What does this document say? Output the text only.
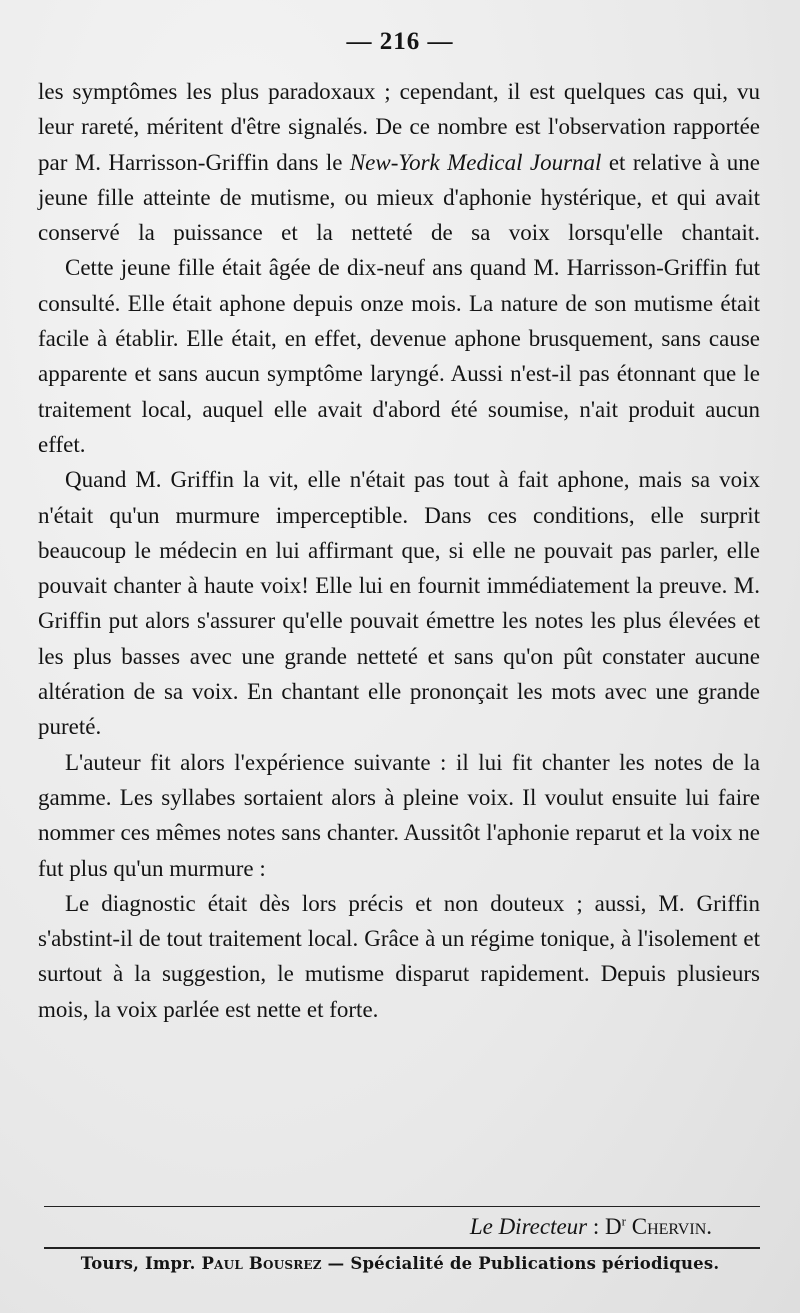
— 216 —

les symptômes les plus paradoxaux ; cependant, il est quelques cas qui, vu leur rareté, méritent d'être signalés. De ce nombre est l'observation rapportée par M. Harrisson-Griffin dans le New-York Medical Journal et relative à une jeune fille atteinte de mutisme, ou mieux d'aphonie hystérique, et qui avait conservé la puissance et la netteté de sa voix lorsqu'elle chantait.

Cette jeune fille était âgée de dix-neuf ans quand M. Harrisson-Griffin fut consulté. Elle était aphone depuis onze mois. La nature de son mutisme était facile à établir. Elle était, en effet, devenue aphone brusquement, sans cause apparente et sans aucun symptôme laryngé. Aussi n'est-il pas étonnant que le traitement local, auquel elle avait d'abord été soumise, n'ait produit aucun effet.

Quand M. Griffin la vit, elle n'était pas tout à fait aphone, mais sa voix n'était qu'un murmure imperceptible. Dans ces conditions, elle surprit beaucoup le médecin en lui affirmant que, si elle ne pouvait pas parler, elle pouvait chanter à haute voix! Elle lui en fournit immédiatement la preuve. M. Griffin put alors s'assurer qu'elle pouvait émettre les notes les plus élevées et les plus basses avec une grande netteté et sans qu'on pût constater aucune altération de sa voix. En chantant elle prononçait les mots avec une grande pureté.

L'auteur fit alors l'expérience suivante : il lui fit chanter les notes de la gamme. Les syllabes sortaient alors à pleine voix. Il voulut ensuite lui faire nommer ces mêmes notes sans chanter. Aussitôt l'aphonie reparut et la voix ne fut plus qu'un murmure :

Le diagnostic était dès lors précis et non douteux ; aussi, M. Griffin s'abstint-il de tout traitement local. Grâce à un régime tonique, à l'isolement et surtout à la suggestion, le mutisme disparut rapidement. Depuis plusieurs mois, la voix parlée est nette et forte.

Le Directeur : $D^r$ Chervin.
Tours, Impr. Paul Bousrez — Spécialité de Publications périodiques.
